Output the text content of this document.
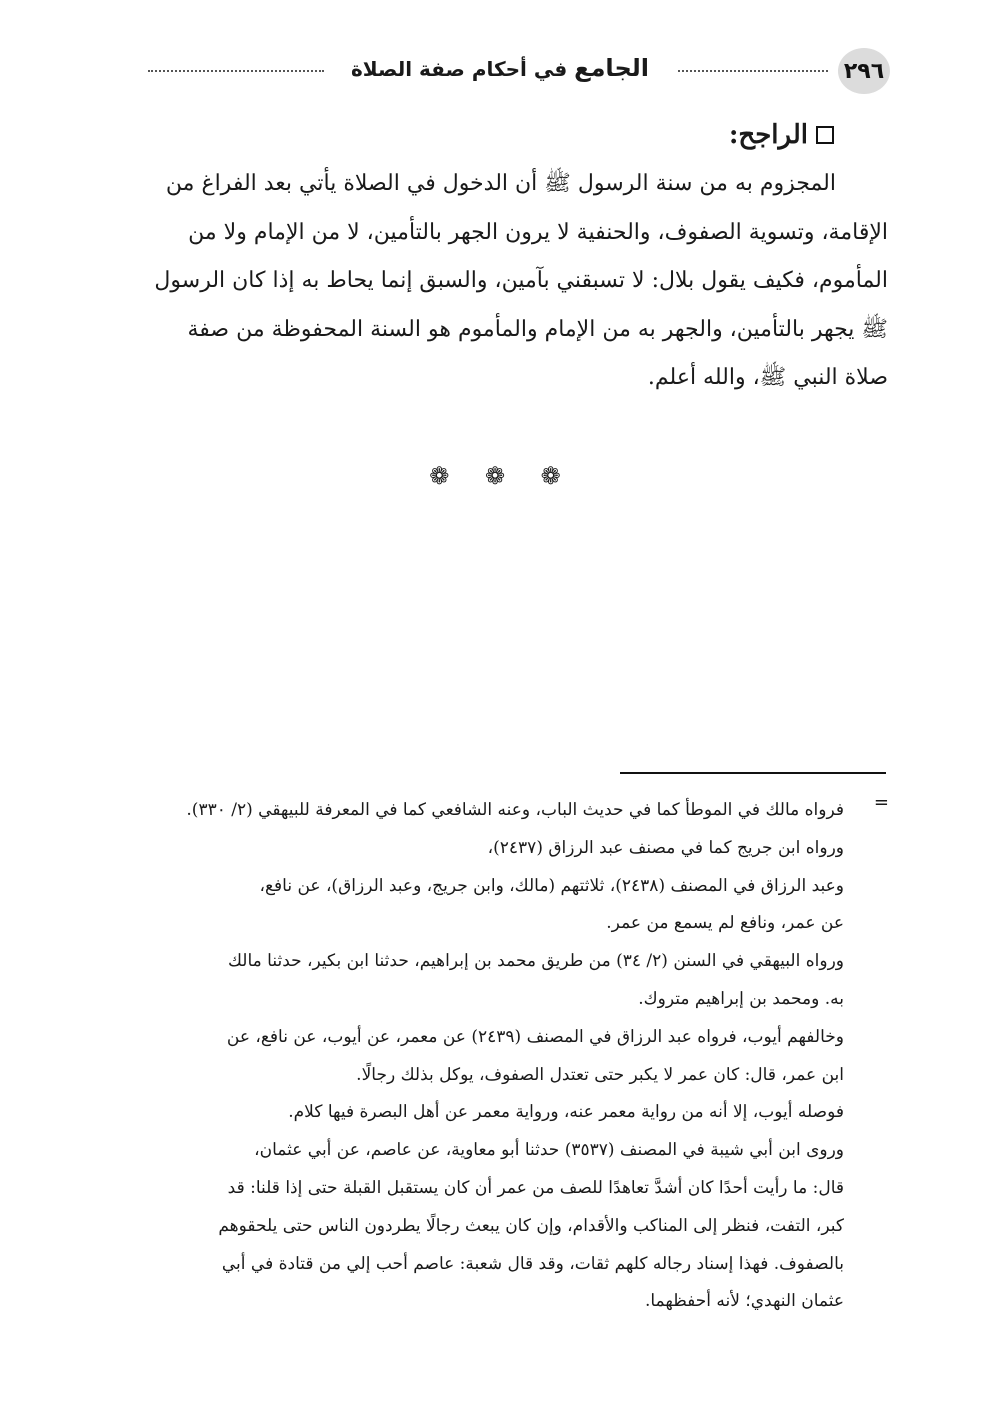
٢٩٦
الجامع في أحكام صفة الصلاة
الراجح:

المجزوم به من سنة الرسول ﷺ أن الدخول في الصلاة يأتي بعد الفراغ من
الإقامة، وتسوية الصفوف، والحنفية لا يرون الجهر بالتأمين، لا من الإمام ولا من
المأموم، فكيف يقول بلال: لا تسبقني بآمين، والسبق إنما يحاط به إذا كان الرسول
ﷺ يجهر بالتأمين، والجهر به من الإمام والمأموم هو السنة المحفوظة من صفة
صلاة النبي ﷺ، والله أعلم.

❁ ❁ ❁
=
فرواه مالك في الموطأ كما في حديث الباب، وعنه الشافعي كما في المعرفة للبيهقي (٢/ ٣٣٠).
ورواه ابن جريج كما في مصنف عبد الرزاق (٢٤٣٧)،
وعبد الرزاق في المصنف (٢٤٣٨)، ثلاثتهم (مالك، وابن جريج، وعبد الرزاق)، عن نافع،
عن عمر، ونافع لم يسمع من عمر.
ورواه البيهقي في السنن (٢/ ٣٤) من طريق محمد بن إبراهيم، حدثنا ابن بكير، حدثنا مالك
به. ومحمد بن إبراهيم متروك.
وخالفهم أيوب، فرواه عبد الرزاق في المصنف (٢٤٣٩) عن معمر، عن أيوب، عن نافع، عن
ابن عمر، قال: كان عمر لا يكبر حتى تعتدل الصفوف، يوكل بذلك رجالًا.
فوصله أيوب، إلا أنه من رواية معمر عنه، ورواية معمر عن أهل البصرة فيها كلام.
وروى ابن أبي شيبة في المصنف (٣٥٣٧) حدثنا أبو معاوية، عن عاصم، عن أبي عثمان،
قال: ما رأيت أحدًا كان أشدَّ تعاهدًا للصف من عمر أن كان يستقبل القبلة حتى إذا قلنا: قد
كبر، التفت، فنظر إلى المناكب والأقدام، وإن كان يبعث رجالًا يطردون الناس حتى يلحقوهم
بالصفوف. فهذا إسناد رجاله كلهم ثقات، وقد قال شعبة: عاصم أحب إلي من قتادة في أبي
عثمان النهدي؛ لأنه أحفظهما.
